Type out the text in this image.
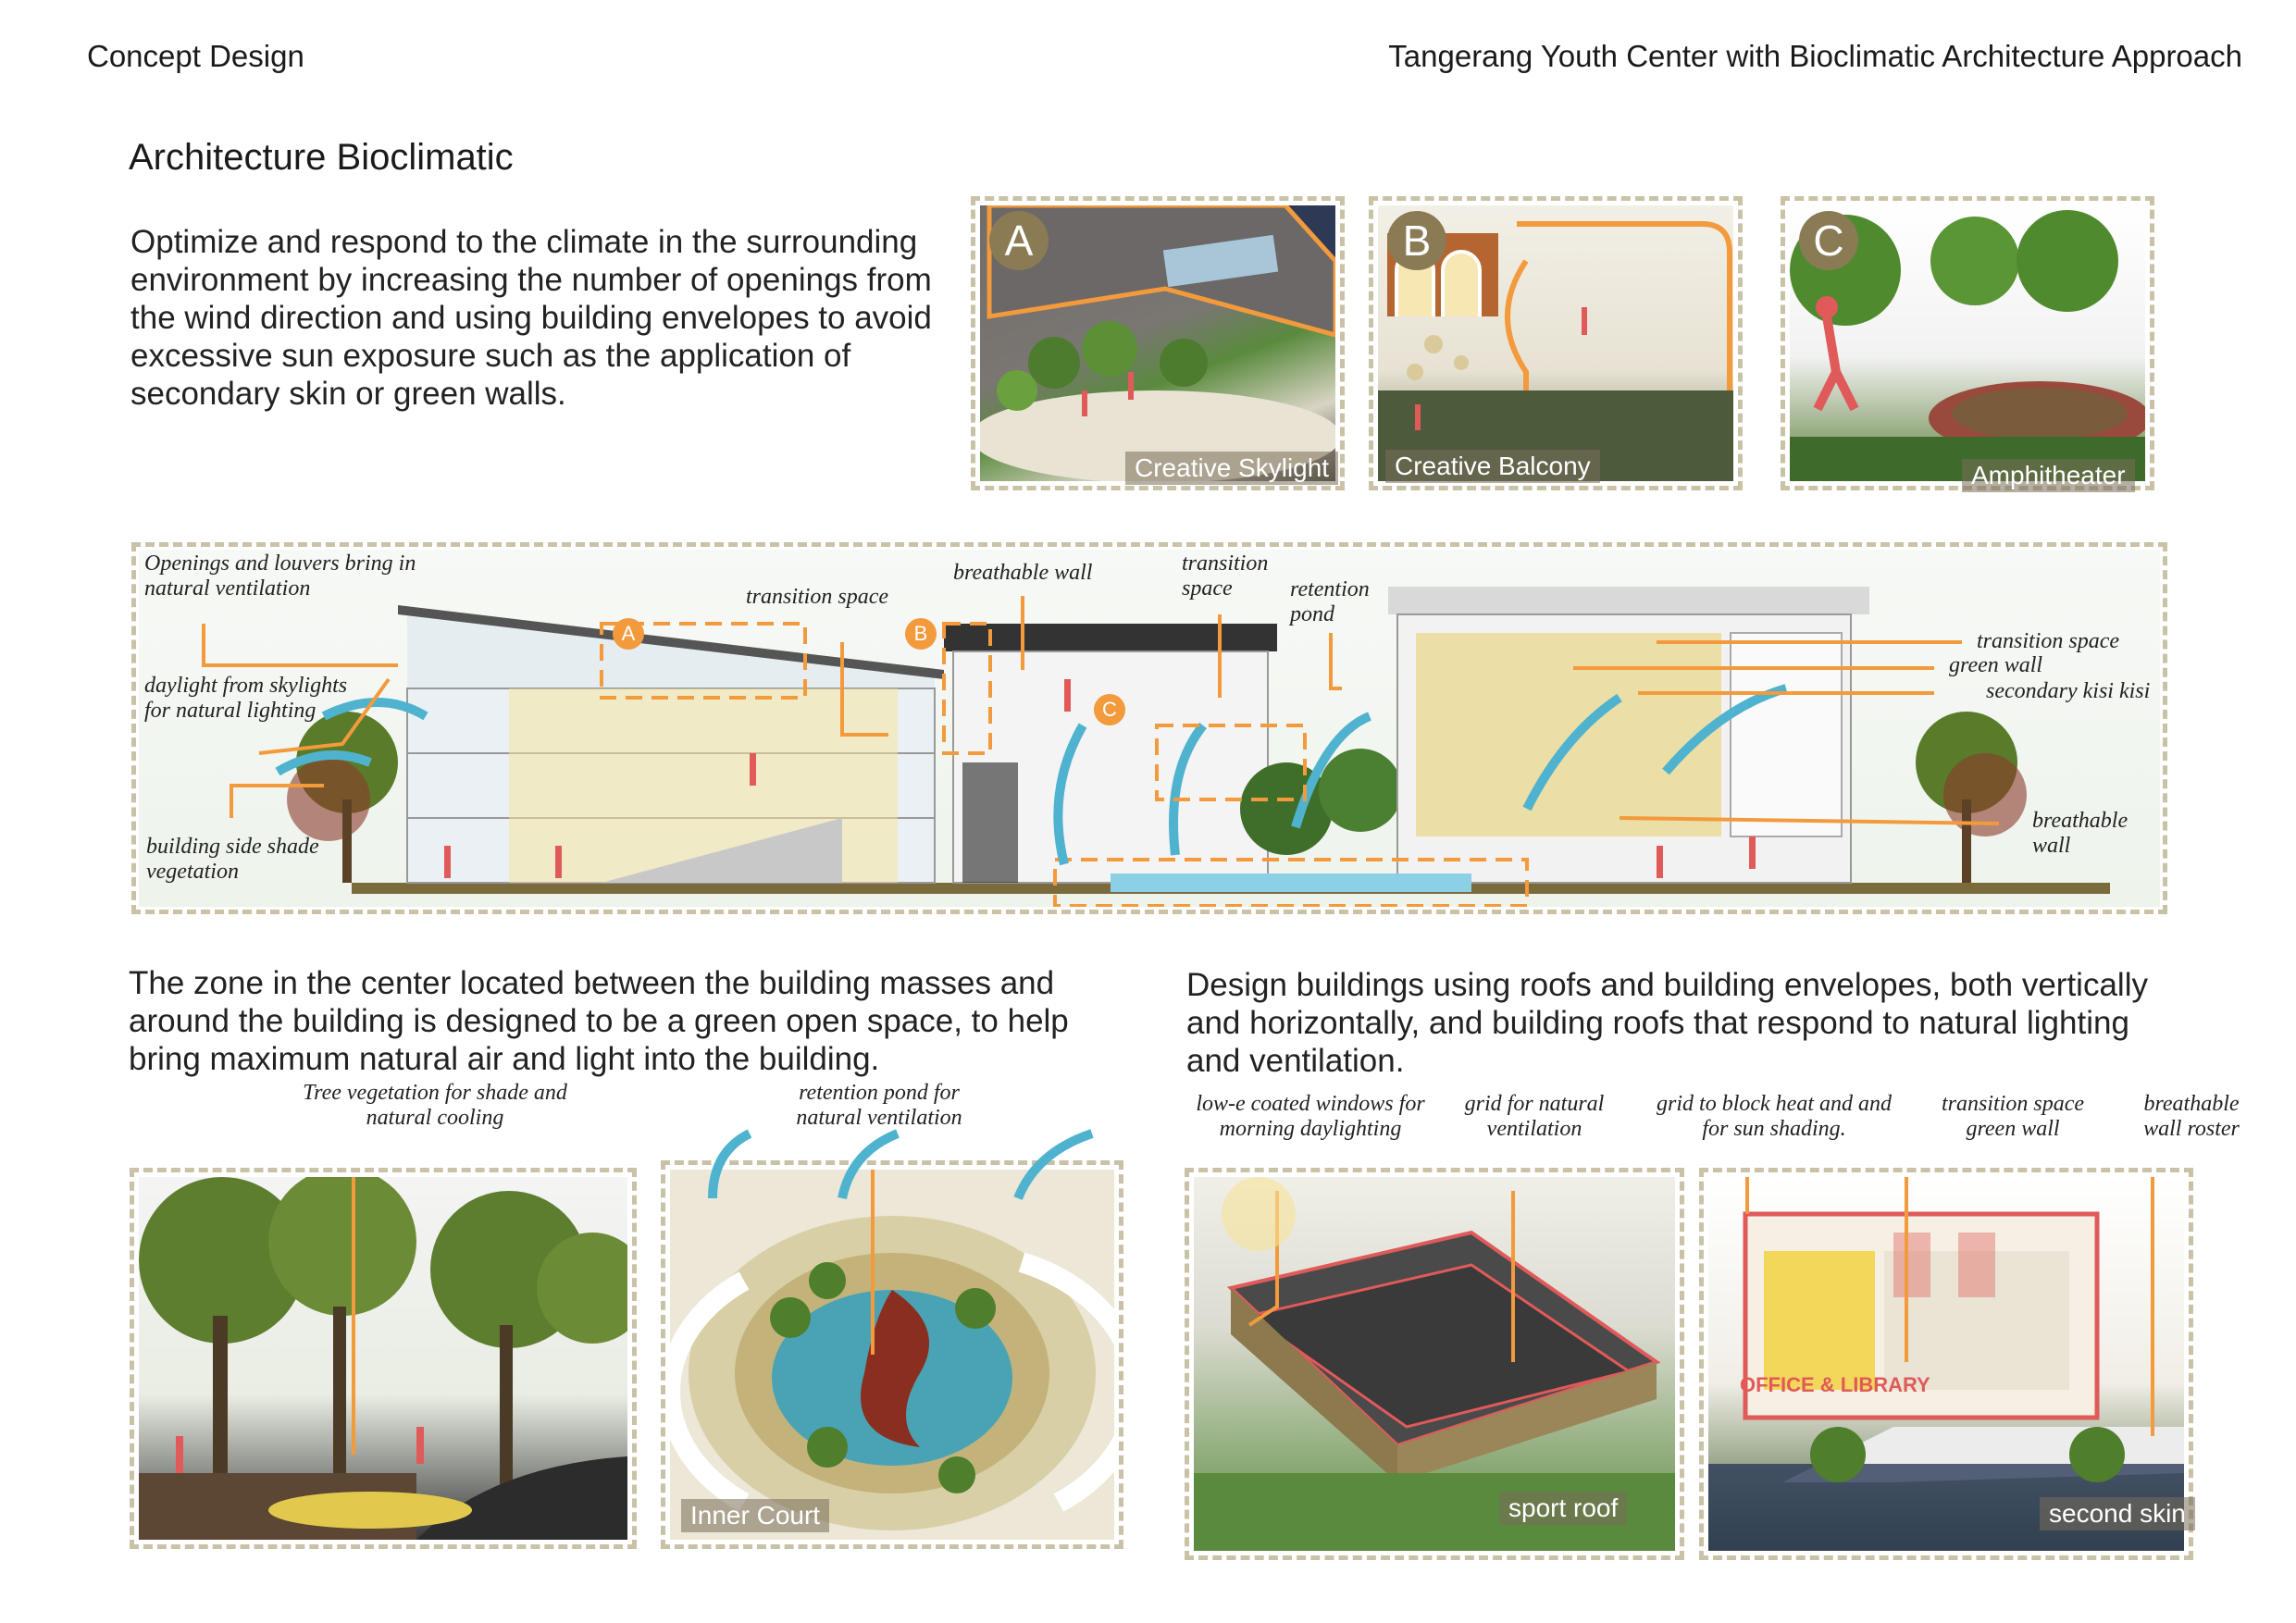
Concept Design	Tangerang Youth Center with Bioclimatic Architecture Approach
Architecture Bioclimatic
Optimize and respond to the climate in the surrounding environment by increasing the number of openings from the wind direction and using building envelopes to avoid excessive sun exposure such as the application of secondary skin or green walls.
A
Creative Skylight
B
Creative Balcony
C
Amphitheater
A	B
C
Openings and louvers bring in natural ventilation
daylight from skylights for natural lighting
building side shade vegetation
transition space
breathable wall	transition space	retention pond
transition space
green wall
secondary kisi kisi
breathable wall
The zone in the center located between the building masses and around the building is designed to be a green open space, to help bring maximum natural air and light into the building.
Design buildings using roofs and building envelopes, both vertically and horizontally, and building roofs that respond to natural lighting and ventilation.
Tree vegetation for shade and natural cooling
retention pond for natural ventilation
low-e coated windows for morning daylighting
grid for natural ventilation
grid to block heat and and for sun shading.
transition space green wall
breathable wall roster
Inner Court	sport roof
OFFICE & LIBRARY
second skin
